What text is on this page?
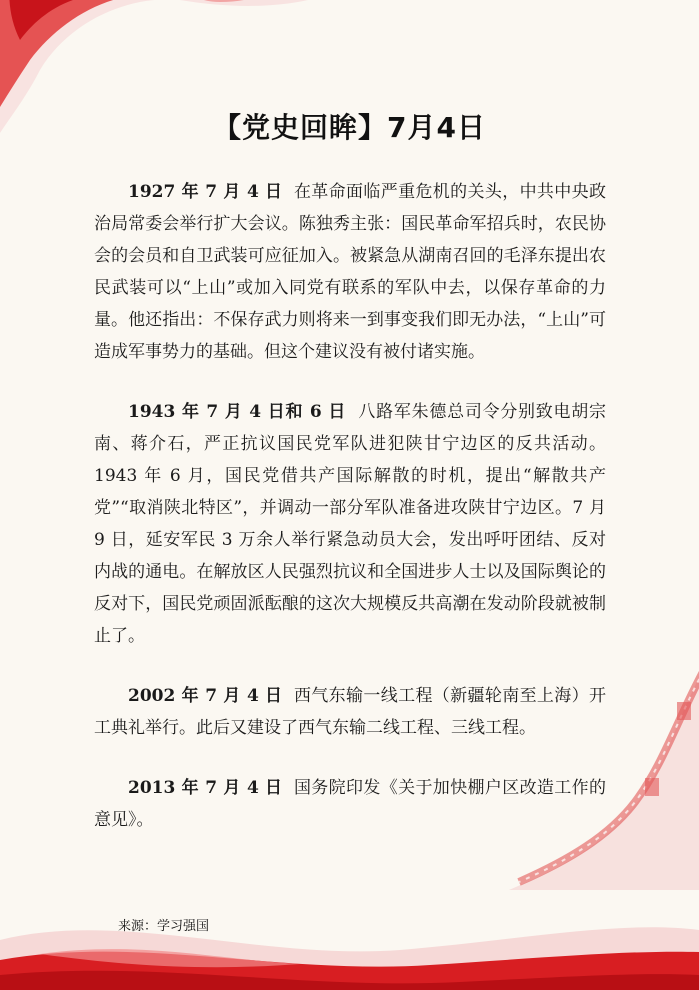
【党史回眸】7月4日

1927 年 7 月 4 日 在革命面临严重危机的关头，中共中央政治局常委会举行扩大会议。陈独秀主张：国民革命军招兵时，农民协会的会员和自卫武装可应征加入。被紧急从湖南召回的毛泽东提出农民武装可以“上山”或加入同党有联系的军队中去，以保存革命的力量。他还指出：不保存武力则将来一到事变我们即无办法，“上山”可造成军事势力的基础。但这个建议没有被付诸实施。

1943 年 7 月 4 日和 6 日 八路军朱德总司令分别致电胡宗南、蒋介石，严正抗议国民党军队进犯陕甘宁边区的反共活动。1943 年 6 月，国民党借共产国际解散的时机，提出“解散共产党”“取消陕北特区”，并调动一部分军队准备进攻陕甘宁边区。7 月 9 日，延安军民 3 万余人举行紧急动员大会，发出呼吁团结、反对内战的通电。在解放区人民强烈抗议和全国进步人士以及国际舆论的反对下，国民党顽固派酝酿的这次大规模反共高潮在发动阶段就被制止了。

2002 年 7 月 4 日 西气东输一线工程（新疆轮南至上海）开工典礼举行。此后又建设了西气东输二线工程、三线工程。

2013 年 7 月 4 日 国务院印发《关于加快棚户区改造工作的意见》。

来源：学习强国
